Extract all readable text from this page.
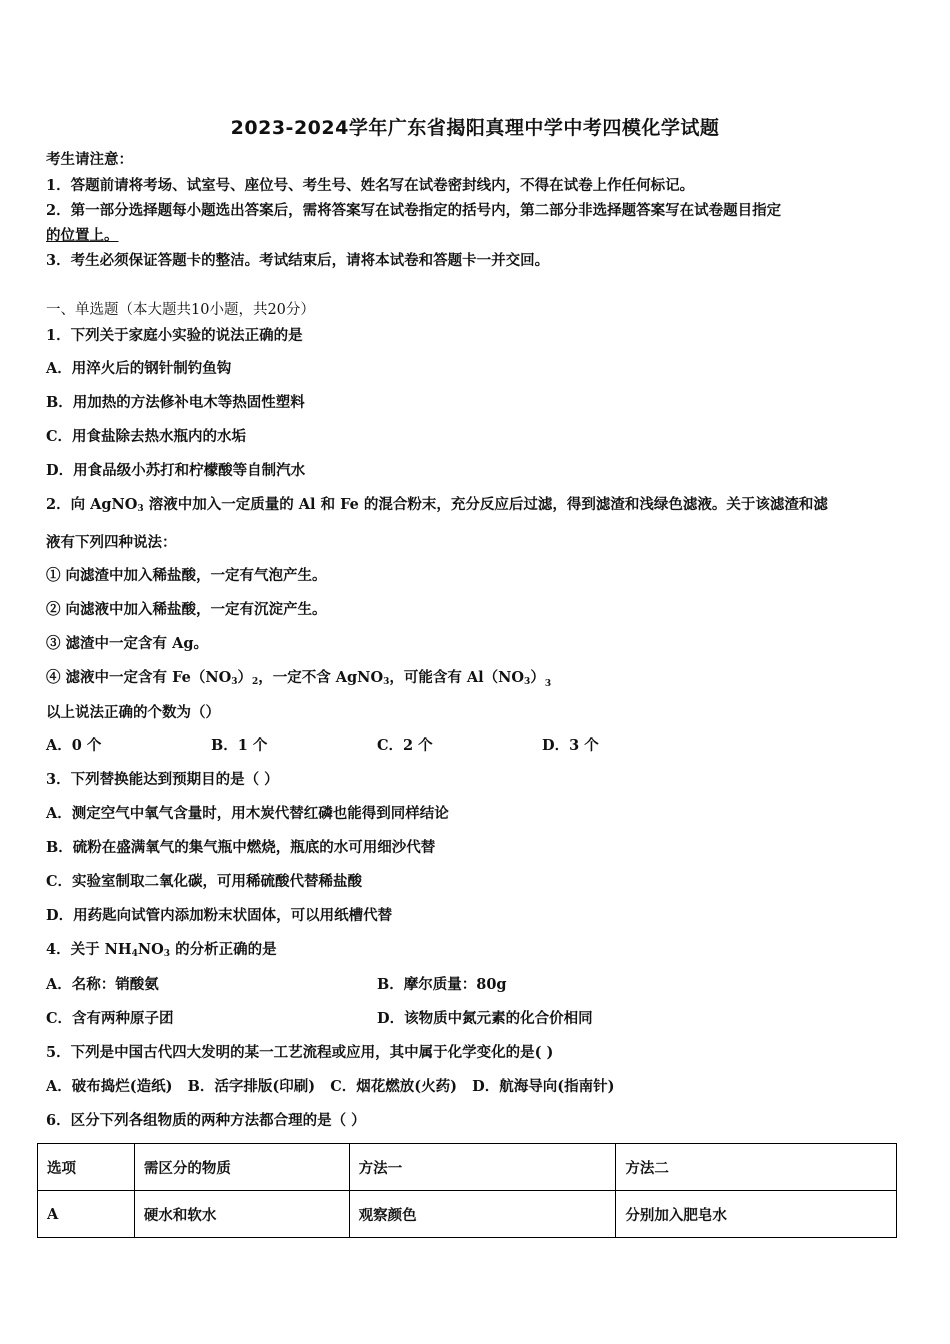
2023-2024学年广东省揭阳真理中学中考四模化学试题
考生请注意：
1．答题前请将考场、试室号、座位号、考生号、姓名写在试卷密封线内，不得在试卷上作任何标记。
2．第一部分选择题每小题选出答案后，需将答案写在试卷指定的括号内，第二部分非选择题答案写在试卷题目指定
的位置上。
3．考生必须保证答题卡的整洁。考试结束后，请将本试卷和答题卡一并交回。
一、单选题（本大题共10小题，共20分）
1．下列关于家庭小实验的说法正确的是
A．用淬火后的钢针制钓鱼钩
B．用加热的方法修补电木等热固性塑料
C．用食盐除去热水瓶内的水垢
D．用食品级小苏打和柠檬酸等自制汽水
2．向 AgNO$_3$ 溶液中加入一定质量的 Al 和 Fe 的混合粉末，充分反应后过滤，得到滤渣和浅绿色滤液。关于该滤渣和滤
液有下列四种说法：
① 向滤渣中加入稀盐酸，一定有气泡产生。
② 向滤液中加入稀盐酸，一定有沉淀产生。
③ 滤渣中一定含有 Ag。
④ 滤液中一定含有 $Fe(NO_3)_2$，一定不含 AgNO$_3$，可能含有 $Al(NO_3)_3$
以上说法正确的个数为（）
A．0 个	B．1 个	C．2 个	D．3 个
3．下列替换能达到预期目的是（ ）
A．测定空气中氧气含量时，用木炭代替红磷也能得到同样结论
B．硫粉在盛满氧气的集气瓶中燃烧，瓶底的水可用细沙代替
C．实验室制取二氧化碳，可用稀硫酸代替稀盐酸
D．用药匙向试管内添加粉末状固体，可以用纸槽代替
4．关于 $NH_4NO_3$ 的分析正确的是
A．名称：销酸氨	B．摩尔质量：80g
C．含有两种原子团	D．该物质中氮元素的化合价相同
5．下列是中国古代四大发明的某一工艺流程或应用，其中属于化学变化的是( )
A．破布捣烂(造纸)   B．活字排版(印刷)   C．烟花燃放(火药)   D．航海导向(指南针)
6．区分下列各组物质的两种方法都合理的是（ ）
选项	需区分的物质	方法一	方法二
A	硬水和软水	观察颜色	分别加入肥皂水
